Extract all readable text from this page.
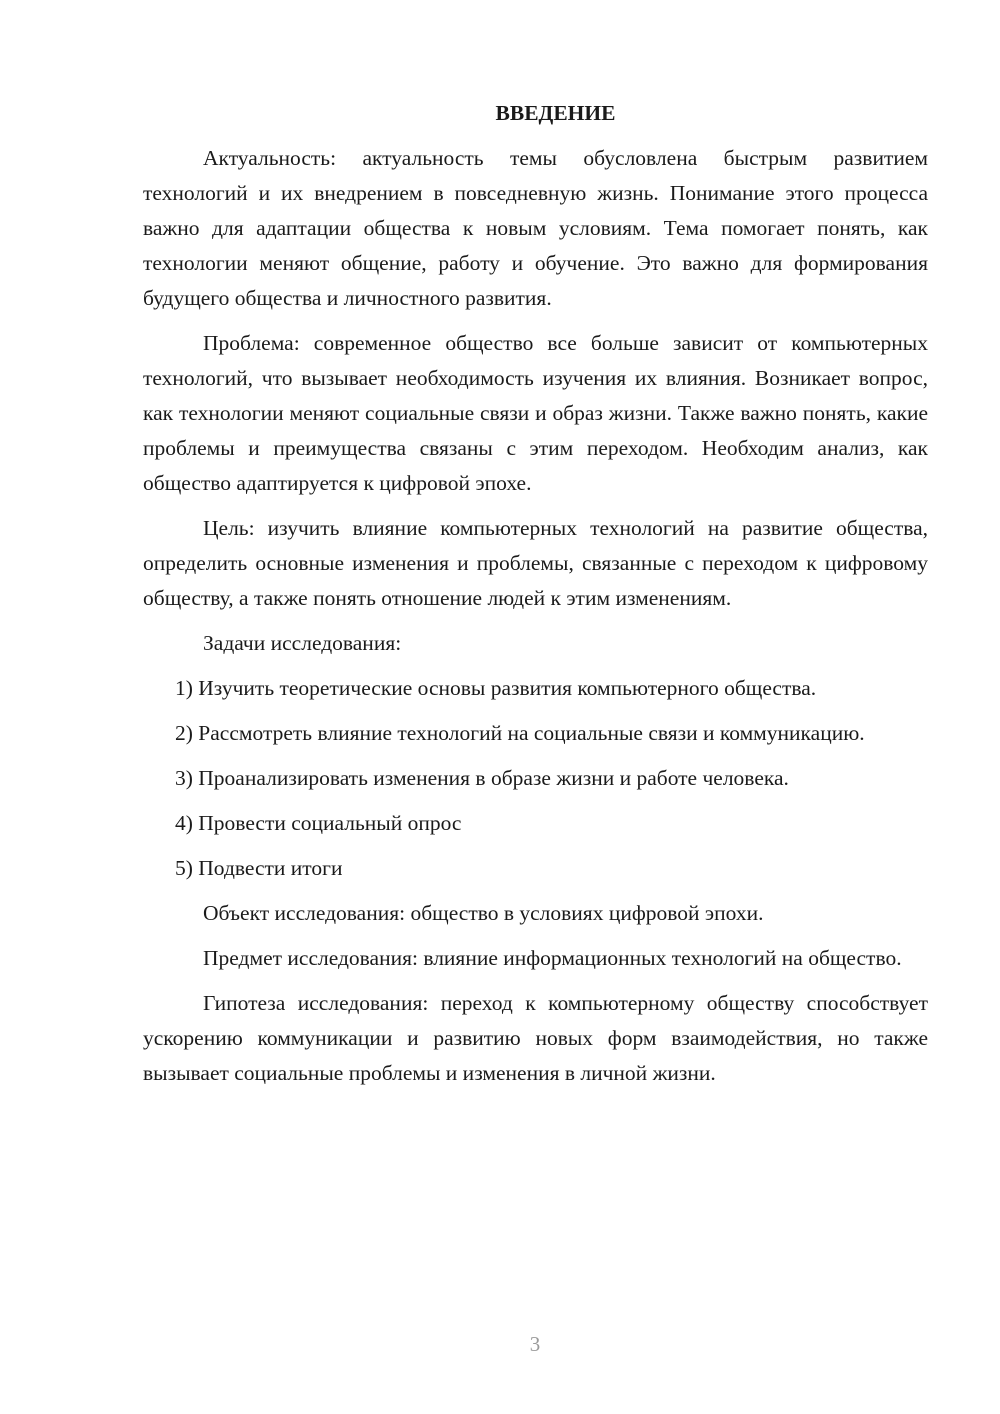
ВВЕДЕНИЕ

Актуальность: актуальность темы обусловлена быстрым развитием технологий и их внедрением в повседневную жизнь. Понимание этого процесса важно для адаптации общества к новым условиям. Тема помогает понять, как технологии меняют общение, работу и обучение. Это важно для формирования будущего общества и личностного развития.

Проблема: современное общество все больше зависит от компьютерных технологий, что вызывает необходимость изучения их влияния. Возникает вопрос, как технологии меняют социальные связи и образ жизни. Также важно понять, какие проблемы и преимущества связаны с этим переходом. Необходим анализ, как общество адаптируется к цифровой эпохе.

Цель: изучить влияние компьютерных технологий на развитие общества, определить основные изменения и проблемы, связанные с переходом к цифровому обществу, а также понять отношение людей к этим изменениям.

Задачи исследования:

1) Изучить теоретические основы развития компьютерного общества.

2) Рассмотреть влияние технологий на социальные связи и коммуникацию.

3) Проанализировать изменения в образе жизни и работе человека.

4) Провести социальный опрос

5) Подвести итоги

Объект исследования: общество в условиях цифровой эпохи.

Предмет исследования: влияние информационных технологий на общество.

Гипотеза исследования: переход к компьютерному обществу способствует ускорению коммуникации и развитию новых форм взаимодействия, но также вызывает социальные проблемы и изменения в личной жизни.

3
